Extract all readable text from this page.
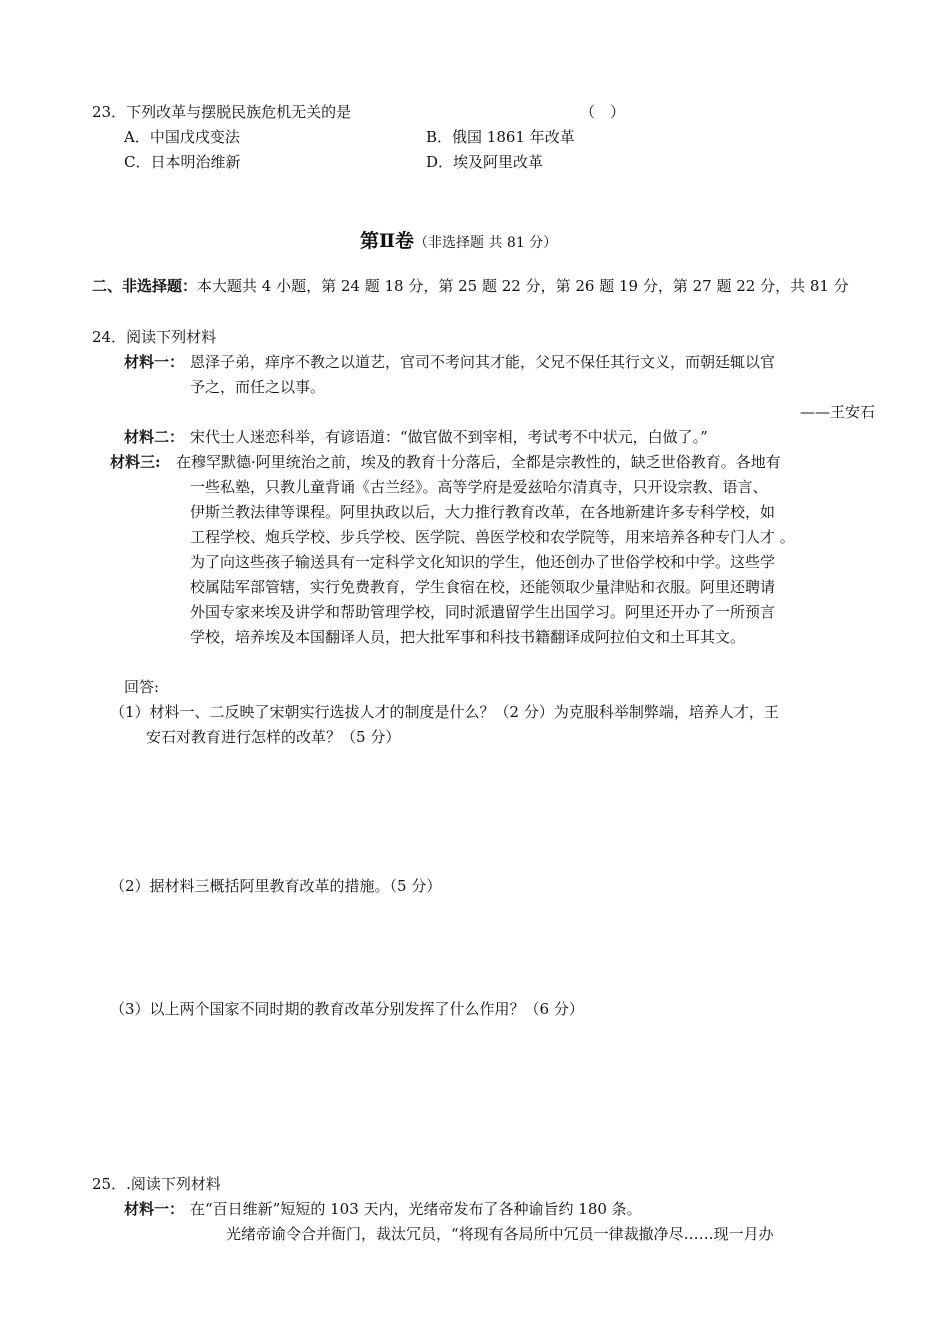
23．下列改革与摆脱民族危机无关的是	（　）
A．中国戊戌变法	B．俄国 1861 年改革
C．日本明治维新	D．埃及阿里改革
第Ⅱ卷（非选择题 共 81 分）
二、非选择题：本大题共 4 小题，第 24 题 18 分，第 25 题 22 分，第 26 题 19 分，第 27 题 22 分，共 81 分
24．阅读下列材料
材料一： 恩泽子弟，痒序不教之以道艺，官司不考问其才能，父兄不保任其行文义，而朝廷辄以官
予之，而任之以事。
——王安石
材料二： 宋代士人迷恋科举，有谚语道：“做官做不到宰相，考试考不中状元，白做了。”
材料三: 在穆罕默德·阿里统治之前，埃及的教育十分落后，全都是宗教性的，缺乏世俗教育。各地有
一些私塾，只教儿童背诵《古兰经》。高等学府是爱兹哈尔清真寺，只开设宗教、语言、
伊斯兰教法律等课程。阿里执政以后，大力推行教育改革，在各地新建许多专科学校，如
工程学校、炮兵学校、步兵学校、医学院、兽医学校和农学院等，用来培养各种专门人才 。
为了向这些孩子输送具有一定科学文化知识的学生，他还创办了世俗学校和中学。这些学
校属陆军部管辖，实行免费教育，学生食宿在校，还能领取少量津贴和衣服。阿里还聘请
外国专家来埃及讲学和帮助管理学校，同时派遣留学生出国学习。阿里还开办了一所预言
学校，培养埃及本国翻译人员，把大批军事和科技书籍翻译成阿拉伯文和土耳其文。
回答:
（1）材料一、二反映了宋朝实行选拔人才的制度是什么？（2 分）为克服科举制弊端，培养人才，王
安石对教育进行怎样的改革？（5 分）
（2）据材料三概括阿里教育改革的措施。（5 分）
（3）以上两个国家不同时期的教育改革分别发挥了什么作用？（6 分）
25．.阅读下列材料
材料一： 在“百日维新”短短的 103 天内，光绪帝发布了各种谕旨约 180 条。
光绪帝谕令合并衙门，裁汰冗员，“将现有各局所中冗员一律裁撤净尽……现一月办
